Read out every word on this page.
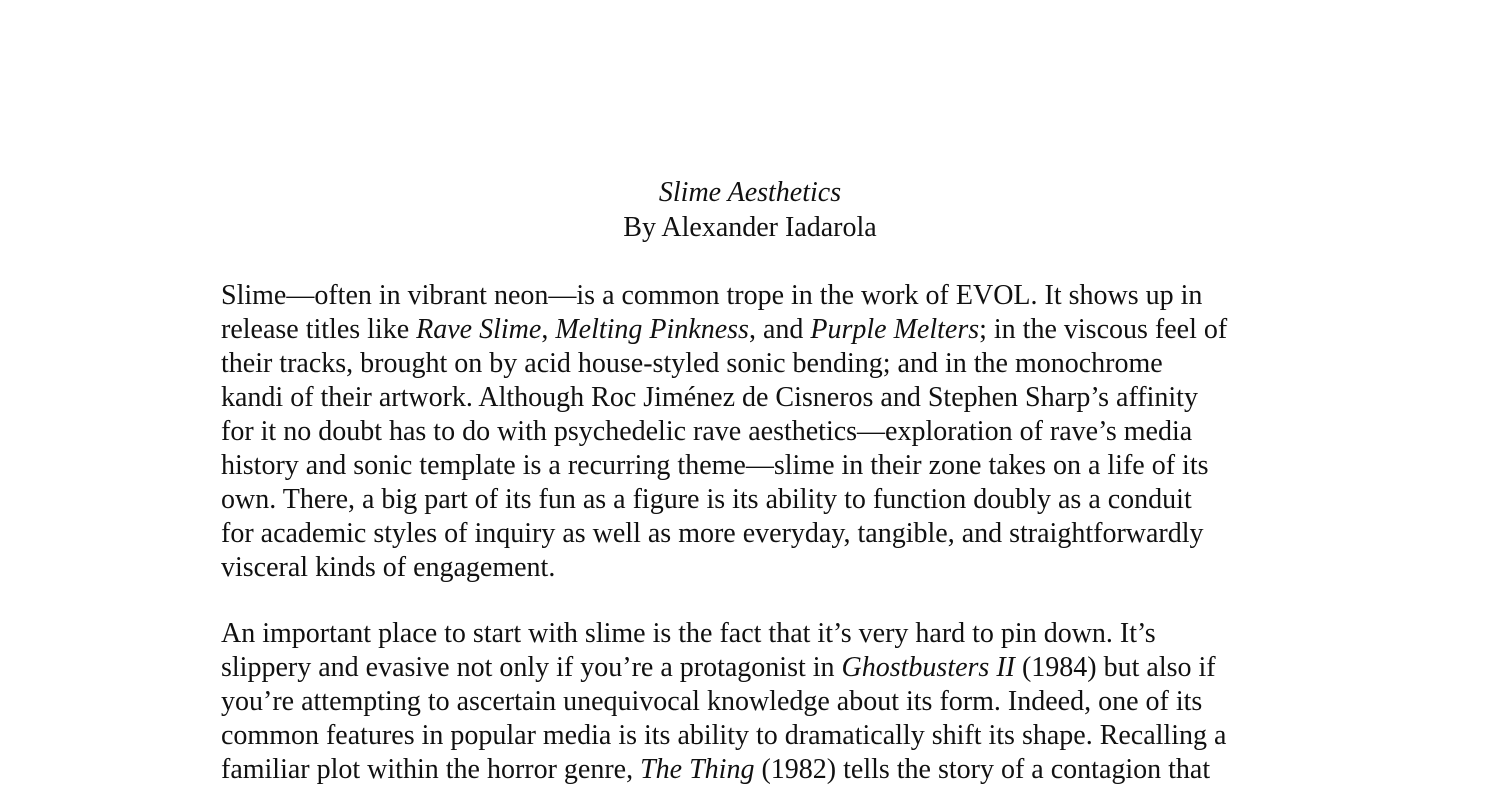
Slime Aesthetics
By Alexander Iadarola
Slime—often in vibrant neon—is a common trope in the work of EVOL. It shows up in
release titles like Rave Slime, Melting Pinkness, and Purple Melters; in the viscous feel of
their tracks, brought on by acid house-styled sonic bending; and in the monochrome
kandi of their artwork. Although Roc Jiménez de Cisneros and Stephen Sharp’s affinity
for it no doubt has to do with psychedelic rave aesthetics—exploration of rave’s media
history and sonic template is a recurring theme—slime in their zone takes on a life of its
own. There, a big part of its fun as a figure is its ability to function doubly as a conduit
for academic styles of inquiry as well as more everyday, tangible, and straightforwardly
visceral kinds of engagement.
An important place to start with slime is the fact that it’s very hard to pin down. It’s
slippery and evasive not only if you’re a protagonist in Ghostbusters II (1984) but also if
you’re attempting to ascertain unequivocal knowledge about its form. Indeed, one of its
common features in popular media is its ability to dramatically shift its shape. Recalling a
familiar plot within the horror genre, The Thing (1982) tells the story of a contagion that
